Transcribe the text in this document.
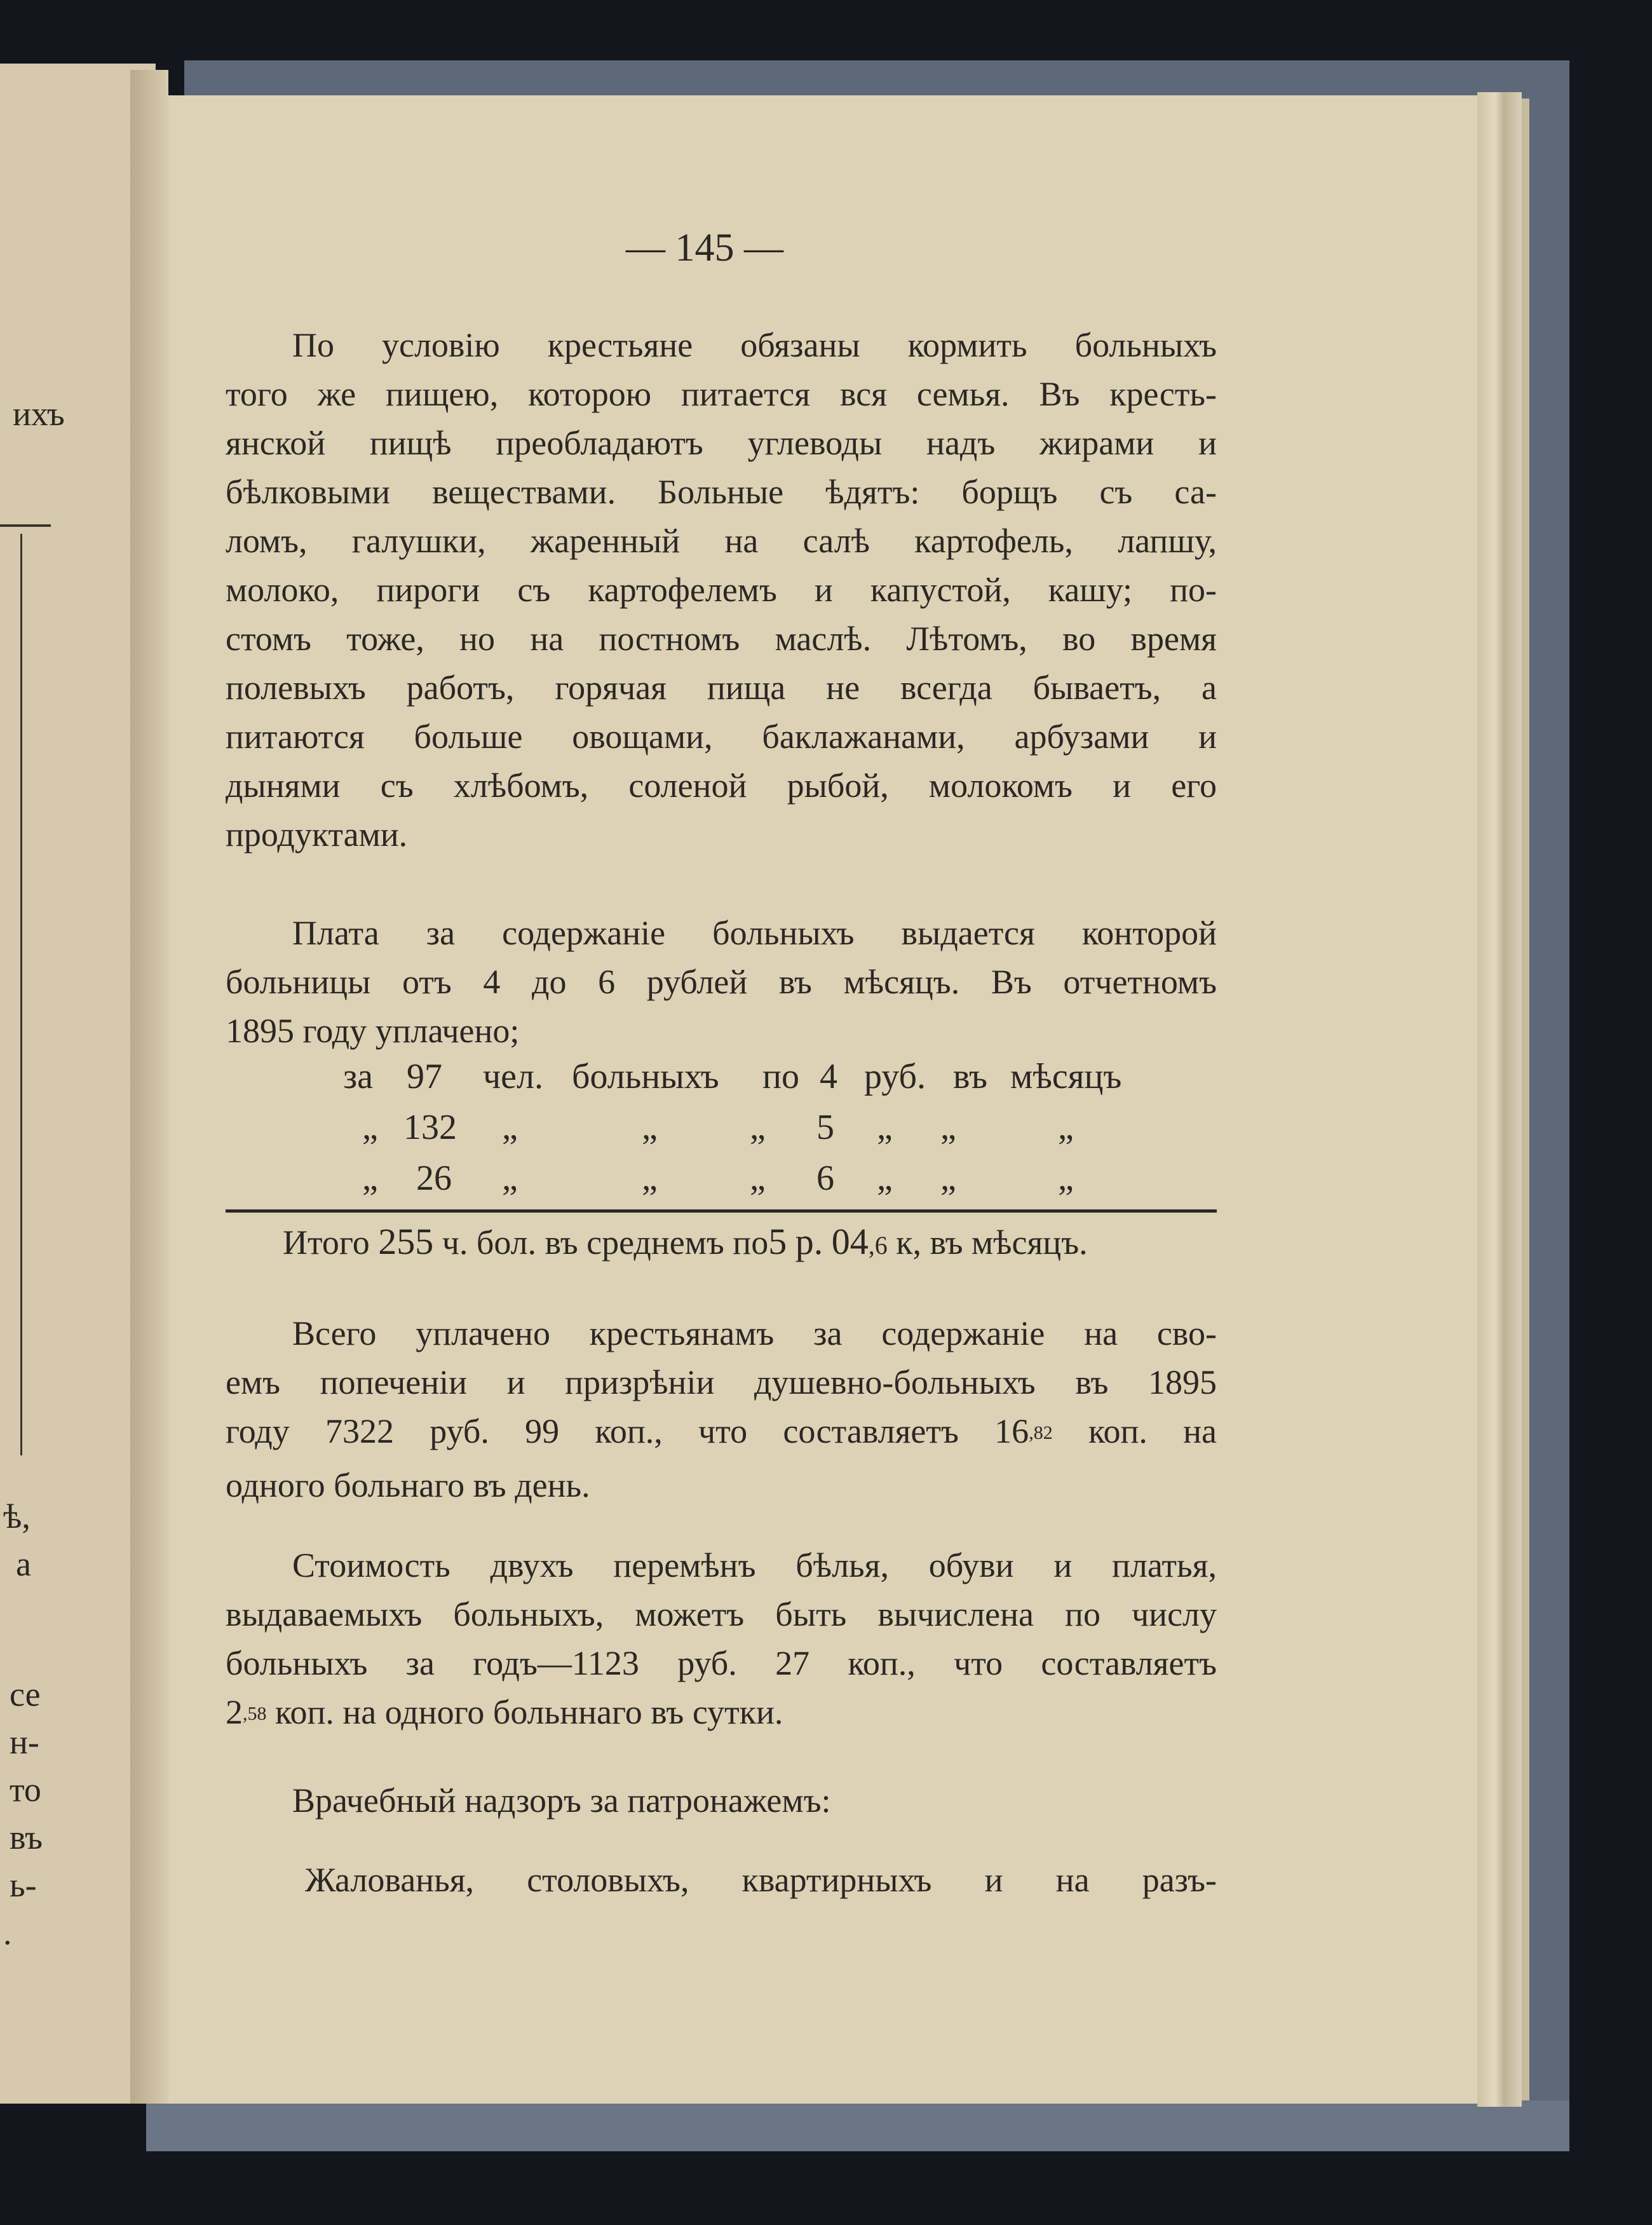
ихъ
ѣ,
а
се
н-
то
въ
ь-
.
— 145 —
По условію крестьяне обязаны кормить больныхъ
того же пищею, которою питается вся семья. Въ кресть-
янской пищѣ преобладаютъ углеводы надъ жирами и
бѣлковыми веществами. Больные ѣдятъ: борщъ съ са-
ломъ, галушки, жаренный на салѣ картофель, лапшу,
молоко, пироги съ картофелемъ и капустой, кашу; по-
стомъ тоже, но на постномъ маслѣ. Лѣтомъ, во время
полевыхъ работъ, горячая пища не всегда бываетъ, а
питаются больше овощами, баклажанами, арбузами и
дынями съ хлѣбомъ, соленой рыбой, молокомъ и его
продуктами.
Плата за содержаніе больныхъ выдается конторой
больницы отъ 4 до 6 рублей въ мѣсяцъ. Въ отчетномъ
1895 году уплачено;
за 97 чел. больныхъ по 4 руб. въ мѣсяцъ
„ 132 „	„	„ 5 „ „	„
„ 26 „	„	„ 6 „ „	„
Итого 255 ч. бол. въ среднемъ по5 р. 04,6 к, въ мѣсяцъ.
Всего уплачено крестьянамъ за содержаніе на сво-
емъ попеченіи и призрѣніи душевно-больныхъ въ 1895
году 7322 руб. 99 коп., что составляетъ $16_{,82}$ коп. на
одного больнаго въ день.
Стоимость двухъ перемѣнъ бѣлья, обуви и платья,
выдаваемыхъ больныхъ, можетъ быть вычислена по числу
больныхъ за годъ—1123 руб. 27 коп., что составляетъ
$2_{,58}$ коп. на одного больннаго въ сутки.
Врачебный надзоръ за патронажемъ:
Жалованья, столовыхъ, квартирныхъ и на разъ-
